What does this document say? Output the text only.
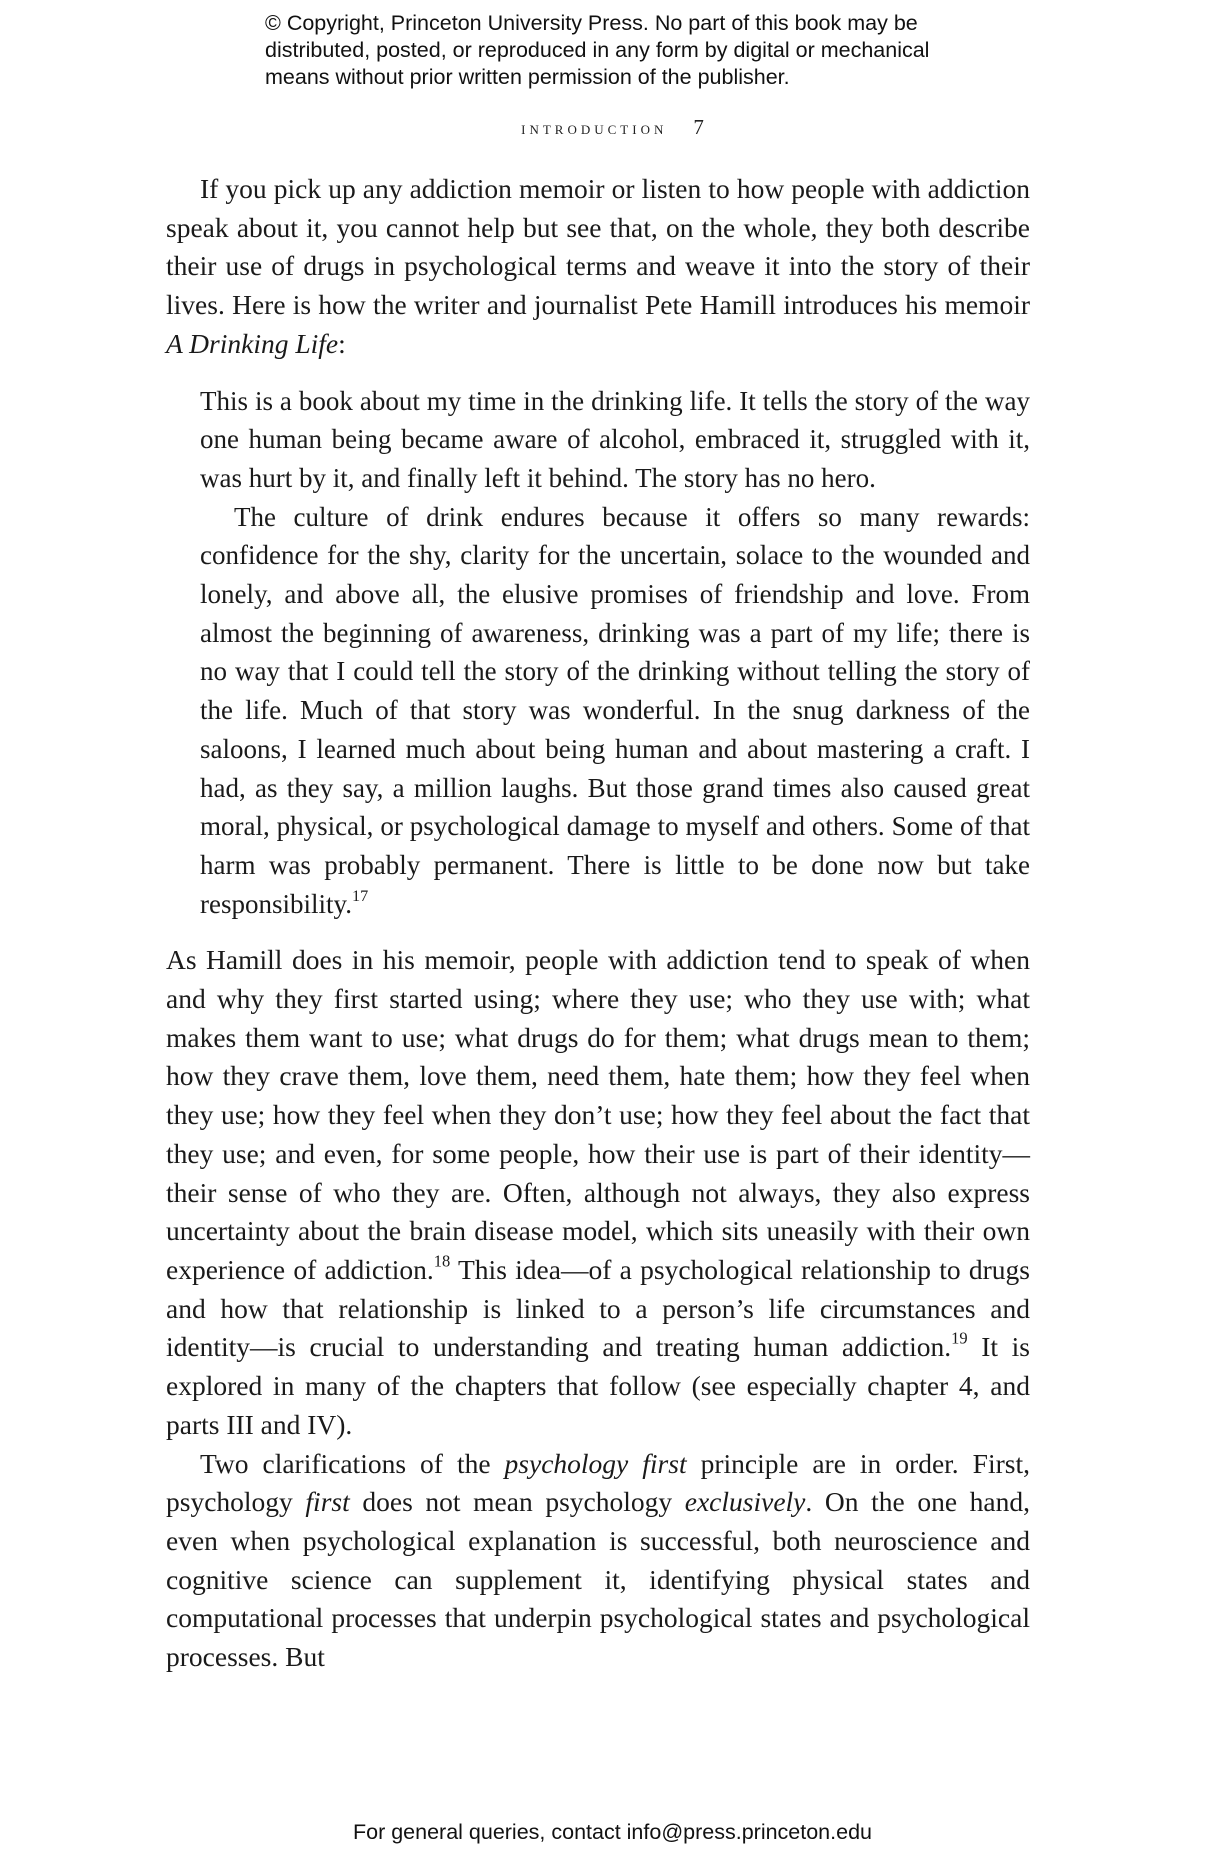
© Copyright, Princeton University Press. No part of this book may be
distributed, posted, or reproduced in any form by digital or mechanical
means without prior written permission of the publisher.
introduction 7

If you pick up any addiction memoir or listen to how people with addiction speak about it, you cannot help but see that, on the whole, they both describe their use of drugs in psychological terms and weave it into the story of their lives. Here is how the writer and journalist Pete Hamill introduces his memoir A Drinking Life:

This is a book about my time in the drinking life. It tells the story of the way one human being became aware of alcohol, embraced it, struggled with it, was hurt by it, and finally left it behind. The story has no hero.

The culture of drink endures because it offers so many rewards: confidence for the shy, clarity for the uncertain, solace to the wounded and lonely, and above all, the elusive promises of friendship and love. From almost the beginning of awareness, drinking was a part of my life; there is no way that I could tell the story of the drinking without telling the story of the life. Much of that story was wonderful. In the snug darkness of the saloons, I learned much about being human and about mastering a craft. I had, as they say, a million laughs. But those grand times also caused great moral, physical, or psychological damage to myself and others. Some of that harm was probably permanent. There is little to be done now but take responsibility.$^{17}$

As Hamill does in his memoir, people with addiction tend to speak of when and why they first started using; where they use; who they use with; what makes them want to use; what drugs do for them; what drugs mean to them; how they crave them, love them, need them, hate them; how they feel when they use; how they feel when they don’t use; how they feel about the fact that they use; and even, for some people, how their use is part of their identity—their sense of who they are. Often, although not always, they also express uncertainty about the brain disease model, which sits uneasily with their own experience of addiction.$^{18}$ This idea—of a psychological relationship to drugs and how that relationship is linked to a person’s life circumstances and identity—is crucial to understanding and treating human addiction.$^{19}$ It is explored in many of the chapters that follow (see especially chapter 4, and parts III and IV).

Two clarifications of the psychology first principle are in order. First, psychology first does not mean psychology exclusively. On the one hand, even when psychological explanation is successful, both neuroscience and cognitive science can supplement it, identifying physical states and computational processes that underpin psychological states and psychological processes. But

For general queries, contact info@press.princeton.edu
